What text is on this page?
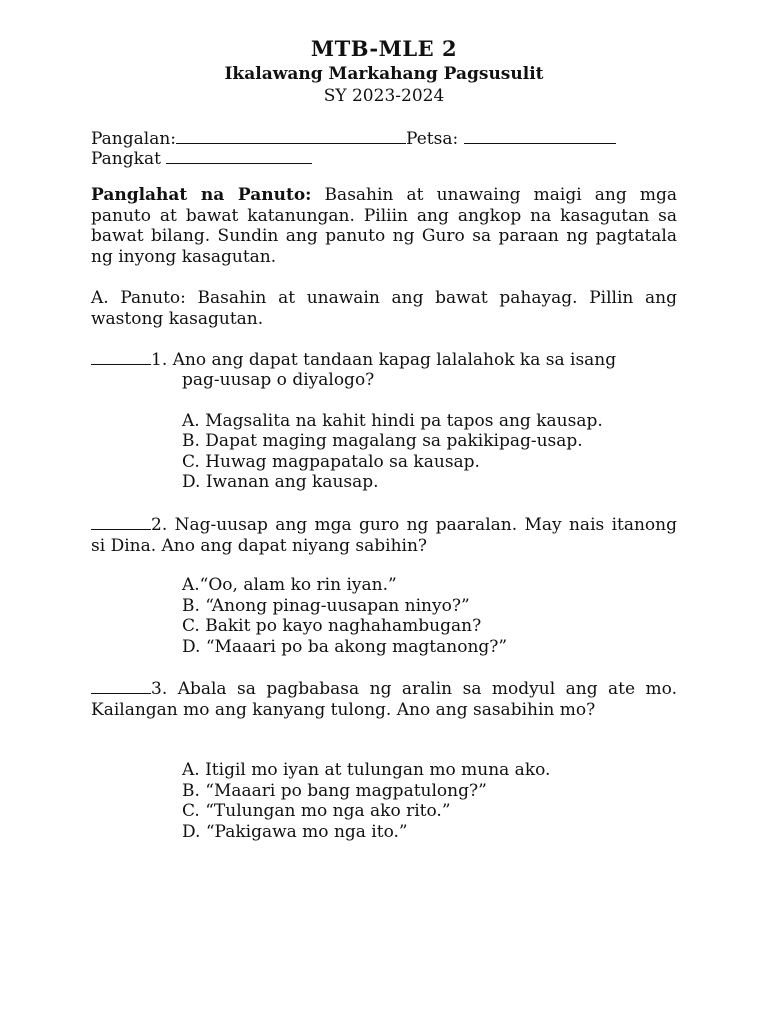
MTB-MLE 2
Ikalawang Markahang Pagsusulit
SY 2023-2024
Pangalan:	Petsa:
Pangkat
Panglahat na Panuto: Basahin at unawaing maigi ang mga panuto at bawat katanungan. Piliin ang angkop na kasagutan sa bawat bilang. Sundin ang panuto ng Guro sa paraan ng pagtatala ng inyong kasagutan.
A. Panuto: Basahin at unawain ang bawat pahayag. Pillin ang wastong kasagutan.
1. Ano ang dapat tandaan kapag lalalahok ka sa isang
pag-uusap o diyalogo?
A. Magsalita na kahit hindi pa tapos ang kausap.
B. Dapat maging magalang sa pakikipag-usap.
C. Huwag magpapatalo sa kausap.
D. Iwanan ang kausap.
2. Nag-uusap ang mga guro ng paaralan. May nais itanong si Dina. Ano ang dapat niyang sabihin?
A.“Oo, alam ko rin iyan.”
B. “Anong pinag-uusapan ninyo?”
C. Bakit po kayo naghahambugan?
D. “Maaari po ba akong magtanong?”
3. Abala sa pagbabasa ng aralin sa modyul ang ate mo. Kailangan mo ang kanyang tulong. Ano ang sasabihin mo?
A. Itigil mo iyan at tulungan mo muna ako.
B. “Maaari po bang magpatulong?”
C. “Tulungan mo nga ako rito.”
D. “Pakigawa mo nga ito.”
